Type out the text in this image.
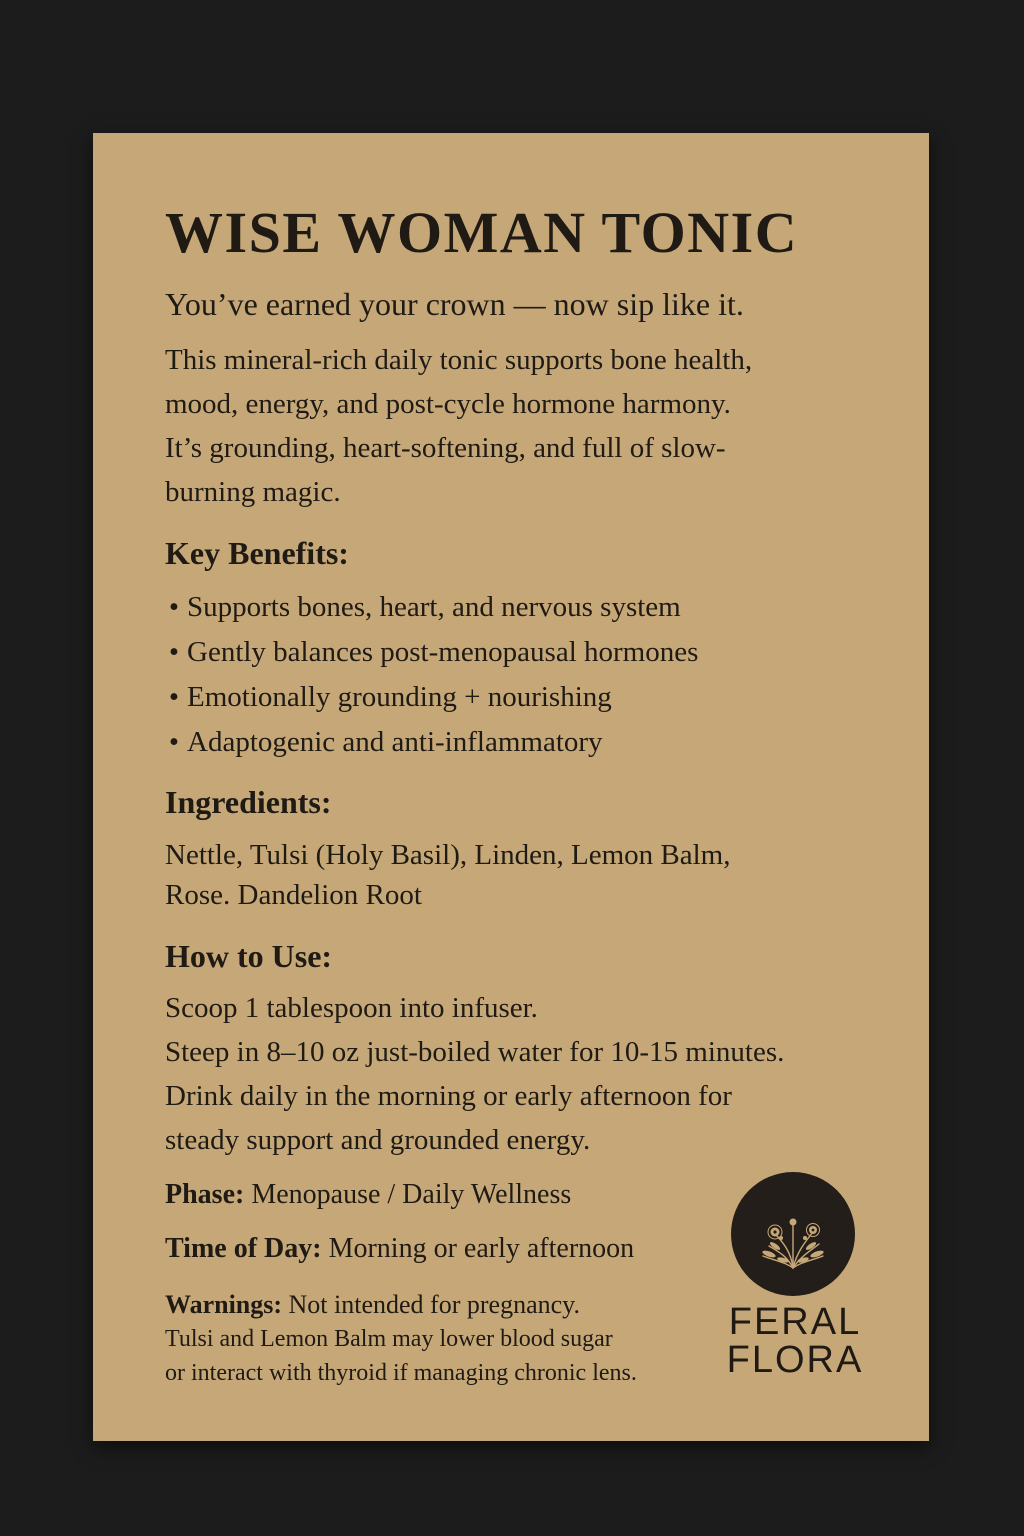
WISE WOMAN TONIC
You’ve earned your crown — now sip like it.
This mineral-rich daily tonic supports bone health,
mood, energy, and post-cycle hormone harmony.
It’s grounding, heart-softening, and full of slow-
burning magic.
Key Benefits:
• Supports bones, heart, and nervous system
• Gently balances post-menopausal hormones
• Emotionally grounding + nourishing
• Adaptogenic and anti-inflammatory
Ingredients:
Nettle, Tulsi (Holy Basil), Linden, Lemon Balm,
Rose. Dandelion Root
How to Use:
Scoop 1 tablespoon into infuser.
Steep in 8–10 oz just-boiled water for 10-15 minutes.
Drink daily in the morning or early afternoon for
steady support and grounded energy.
Phase: Menopause / Daily Wellness
Time of Day: Morning or early afternoon
Warnings: Not intended for pregnancy.
Tulsi and Lemon Balm may lower blood sugar
or interact with thyroid if managing chronic lens.
FERAL
FLORA
